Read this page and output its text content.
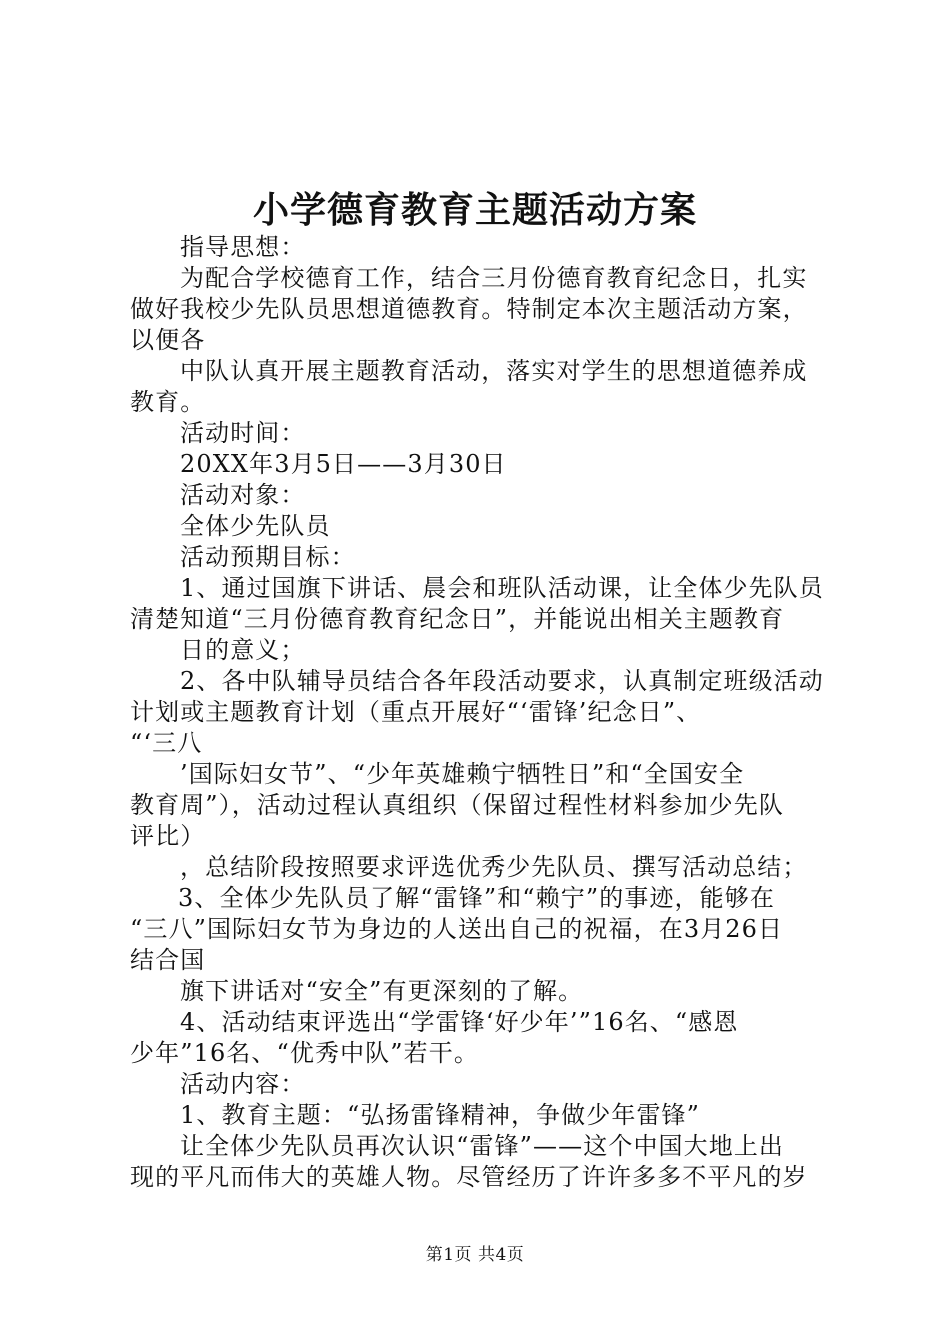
小学德育教育主题活动方案
指导思想：
为配合学校德育工作，结合三月份德育教育纪念日，扎实
做好我校少先队员思想道德教育。特制定本次主题活动方案，
以便各
中队认真开展主题教育活动，落实对学生的思想道德养成
教育。
活动时间：
20XX年3月5日——3月30日
活动对象：
全体少先队员
活动预期目标：
1、通过国旗下讲话、晨会和班队活动课，让全体少先队员
清楚知道“三月份德育教育纪念日”，并能说出相关主题教育
日的意义；
2、各中队辅导员结合各年段活动要求，认真制定班级活动
计划或主题教育计划（重点开展好“‘雷锋’纪念日”、
“‘三八
’国际妇女节”、“少年英雄赖宁牺牲日”和“全国安全
教育周”），活动过程认真组织（保留过程性材料参加少先队
评比）
，总结阶段按照要求评选优秀少先队员、撰写活动总结；
3、全体少先队员了解“雷锋”和“赖宁”的事迹，能够在
“三八”国际妇女节为身边的人送出自己的祝福，在3月26日
结合国
旗下讲话对“安全”有更深刻的了解。
4、活动结束评选出“学雷锋‘好少年’”16名、“感恩
少年”16名、“优秀中队”若干。
活动内容：
1、教育主题：“弘扬雷锋精神，争做少年雷锋”
让全体少先队员再次认识“雷锋”——这个中国大地上出
现的平凡而伟大的英雄人物。尽管经历了许许多多不平凡的岁
第1页 共4页
